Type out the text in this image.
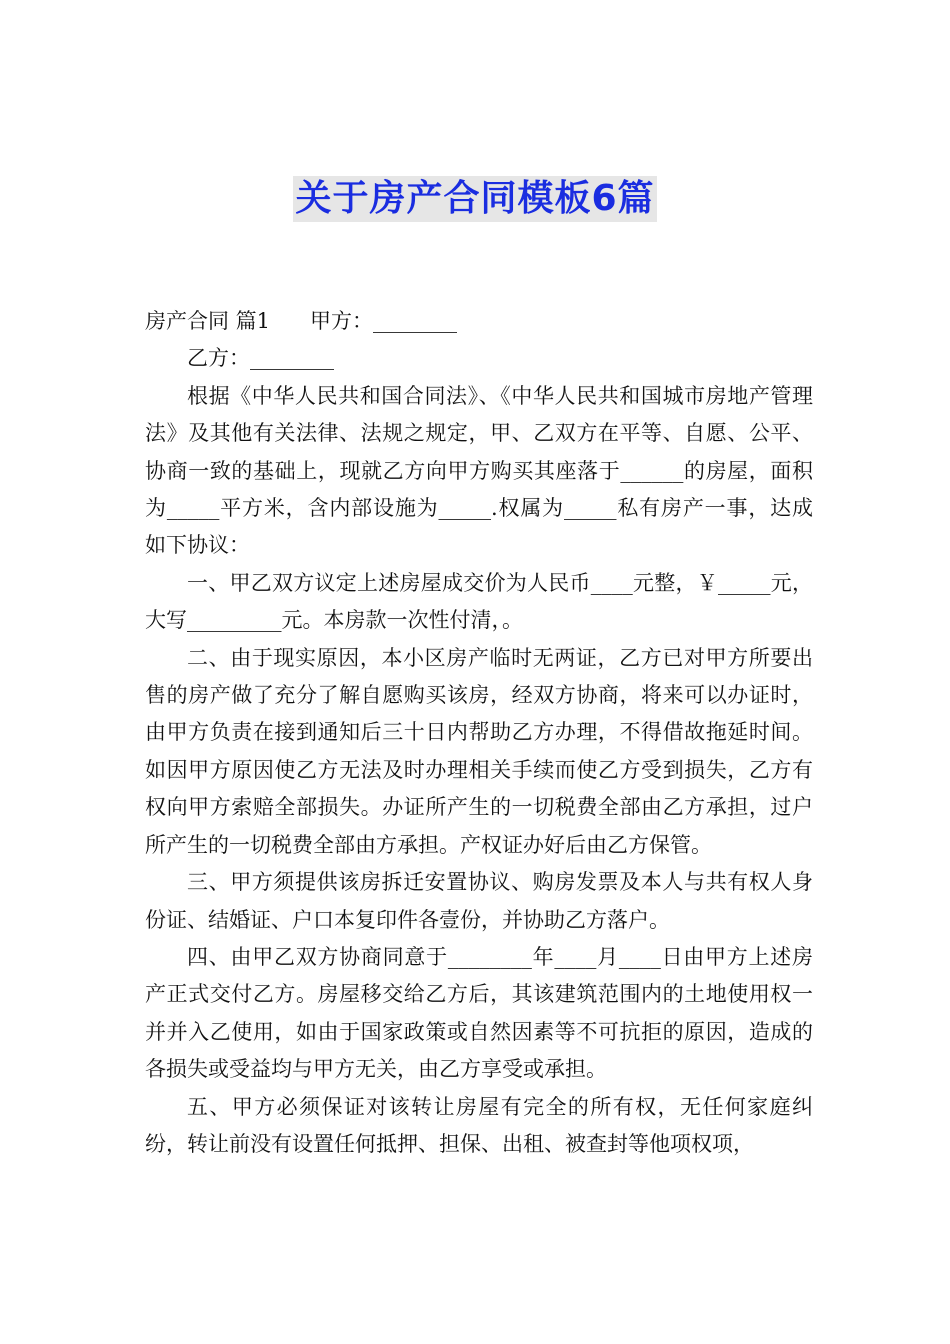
关于房产合同模板6篇

房产合同 篇1 甲方：________

乙方：________

根据《中华人民共和国合同法》、《中华人民共和国城市房地产管理法》及其他有关法律、法规之规定，甲、乙双方在平等、自愿、公平、协商一致的基础上，现就乙方向甲方购买其座落于______的房屋，面积为_____平方米，含内部设施为_____.权属为_____私有房产一事，达成如下协议：

一、甲乙双方议定上述房屋成交价为人民币____元整，￥_____元，大写_________元。本房款一次性付清，。

二、由于现实原因，本小区房产临时无两证，乙方已对甲方所要出售的房产做了充分了解自愿购买该房，经双方协商，将来可以办证时，由甲方负责在接到通知后三十日内帮助乙方办理，不得借故拖延时间。如因甲方原因使乙方无法及时办理相关手续而使乙方受到损失，乙方有权向甲方索赔全部损失。办证所产生的一切税费全部由乙方承担，过户所产生的一切税费全部由方承担。产权证办好后由乙方保管。

三、甲方须提供该房拆迁安置协议、购房发票及本人与共有权人身份证、结婚证、户口本复印件各壹份，并协助乙方落户。

四、由甲乙双方协商同意于________年____月____日由甲方上述房产正式交付乙方。房屋移交给乙方后，其该建筑范围内的土地使用权一并并入乙使用，如由于国家政策或自然因素等不可抗拒的原因，造成的各损失或受益均与甲方无关，由乙方享受或承担。

五、甲方必须保证对该转让房屋有完全的所有权，无任何家庭纠纷，转让前没有设置任何抵押、担保、出租、被查封等他项权项，
